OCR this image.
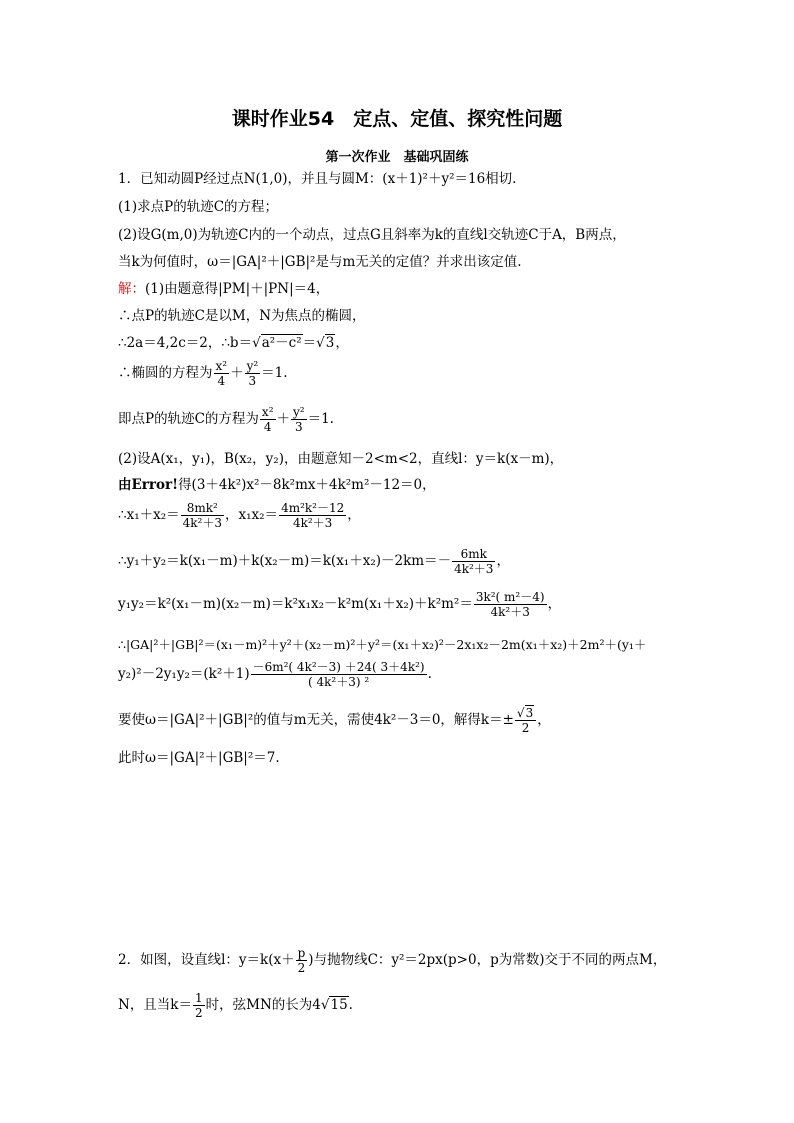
课时作业54　定点、定值、探究性问题
第一次作业　基础巩固练
1．已知动圆P经过点N(1,0)，并且与圆M：(x＋1)²＋y²＝16相切.
(1)求点P的轨迹C的方程；
(2)设G(m,0)为轨迹C内的一个动点，过点G且斜率为k的直线l交轨迹C于A，B两点，
当k为何值时，ω＝|GA|²＋|GB|²是与m无关的定值？并求出该定值.
解：(1)由题意得|PM|＋|PN|＝4，
∴点P的轨迹C是以M，N为焦点的椭圆，
∴2a＝4,2c＝2，∴b＝√a²－c²＝√3，
∴椭圆的方程为 $\frac{\text{x²}}{4} + \frac{\text{y²}}{3} =1$.
即点P的轨迹C的方程为 $\frac{\text{x²}}{4} + \frac{\text{y²}}{3} =1$.
(2)设A(x₁，y₁)，B(x₂，y₂)，由题意知－2<m<2，直线l：y＝k(x－m)，
由Error!得(3＋4k²)x²－8k²mx＋4k²m²－12＝0，
∴x₁＋x₂＝ $\frac{\text{8mk²}}{\text{4k²＋3}}$ ，$x_1x_2= \frac{\text{4m²k²－12}}{\text{4k²＋3}}$ ，
∴y₁＋y₂＝k(x₁－m)＋k(x₂－m)＝k(x₁＋x₂)－2km＝－ $\frac{6mk}{\text{4k²＋3}}$ ，
$y_1y_2=k^2(x_1-m)(x_2-m)=k^2x_1x_2-k^2m(x_1+x_2)+k^2m^2= \frac{\text{3k²( m²－4)}}{\text{4k²＋3}}$ ，
∴|GA|²＋|GB|²＝(x₁－m)²＋y²＋(x₂－m)²＋y²＝(x₁＋x₂)²－2x₁x₂－2m(x₁＋x₂)＋2m²＋(y₁＋
$y_2)^2-2y_1y_2=(k^2+1) \frac{\text{－6m²( 4k²－3) ＋24( 3＋4k²)}}{\text{( 4k²＋3) ²}}$ .
要使ω＝|GA|²＋|GB|²的值与m无关，需使4k²－3＝0，解得$k=\pm \frac{√3}{2}$ ，
此时ω＝|GA|²＋|GB|²＝7.
2．如图，设直线l：$y=k(x+ \frac{p}{2}$ )与抛物线C：y²＝2px(p>0，p为常数)交于不同的两点M，
N，且当$k= \frac{1}{2}$ 时，弦MN的长为4√15.
